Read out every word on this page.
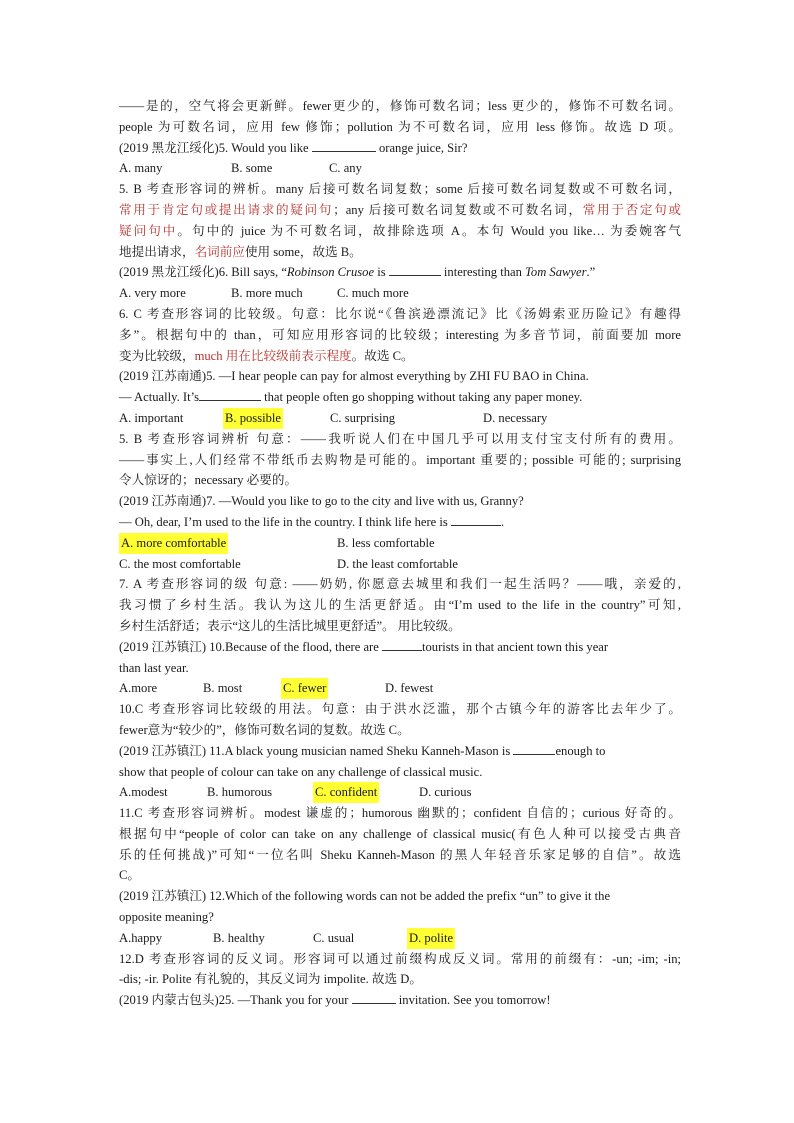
——是的，空气将会更新鲜。fewer更少的，修饰可数名词；less 更少的，修饰不可数名词。
people 为可数名词，应用 few 修饰；pollution 为不可数名词，应用 less 修饰。故选 D 项。
(2019 黑龙江绥化)5. Would you like	orange juice, Sir?
A. many	B. some	C. any
5. B 考查形容词的辨析。many 后接可数名词复数；some 后接可数名词复数或不可数名词，
常用于肯定句或提出请求的疑问句；any 后接可数名词复数或不可数名词，常用于否定句或
疑问句中。句中的 juice 为不可数名词，故排除选项 A。本句 Would you like… 为委婉客气
地提出请求，名词前应使用 some，故选 B。
(2019 黑龙江绥化)6. Bill says, “Robinson Crusoe is	interesting than Tom Sawyer.”
A. very more	B. more much	C. much more
6. C 考查形容词的比较级。句意：比尔说“《鲁滨逊漂流记》比《汤姆索亚历险记》有趣得
多”。根据句中的 than，可知应用形容词的比较级；interesting 为多音节词，前面要加 more
变为比较级，much 用在比较级前表示程度。故选 C。
(2019 江苏南通)5. —I hear people can pay for almost everything by ZHI FU BAO in China.
— Actually. It’s	that people often go shopping without taking any paper money.
A. important	B. possible	C. surprising	D. necessary
5. B 考查形容词辨析 句意：——我听说人们在中国几乎可以用支付宝支付所有的费用。
——事实上,人们经常不带纸币去购物是可能的。important 重要的; possible 可能的; surprising
令人惊讶的；necessary 必要的。
(2019 江苏南通)7. —Would you like to go to the city and live with us, Granny?
— Oh, dear, I’m used to the life in the country. I think life here is	.
A. more comfortable	B. less comfortable
C. the most comfortable	D. the least comfortable
7. A 考查形容词的级 句意: ——奶奶, 你愿意去城里和我们一起生活吗？——哦，亲爱的,
我习惯了乡村生活。我认为这儿的生活更舒适。由“I’m used to the life in the country”可知,
乡村生活舒适；表示“这儿的生活比城里更舒适”。 用比较级。
(2019 江苏镇江) 10.Because of the flood, there are	tourists in that ancient town this year
than last year.
A.more	B. most	C. fewer	D. fewest
10.C 考查形容词比较级的用法。句意：由于洪水泛滥，那个古镇今年的游客比去年少了。
fewer意为“较少的”，修饰可数名词的复数。故选 C。
(2019 江苏镇江) 11.A black young musician named Sheku Kanneh-Mason is	enough to
show that people of colour can take on any challenge of classical music.
A.modest	B. humorous	C. confident	D. curious
11.C 考查形容词辨析。modest 谦虚的；humorous 幽默的；confident 自信的；curious 好奇的。
根据句中“people of color can take on any challenge of classical music(有色人种可以接受古典音
乐的任何挑战)”可知“一位名叫 Sheku Kanneh-Mason 的黑人年轻音乐家足够的自信”。故选
C。
(2019 江苏镇江) 12.Which of the following words can not be added the prefix “un” to give it the
opposite meaning?
A.happy	B. healthy	C. usual	D. polite
12.D 考查形容词的反义词。形容词可以通过前缀构成反义词。常用的前缀有：-un; -im; -in;
-dis; -ir. Polite 有礼貌的，其反义词为 impolite. 故选 D。
(2019 内蒙古包头)25. —Thank you for your	invitation. See you tomorrow!
